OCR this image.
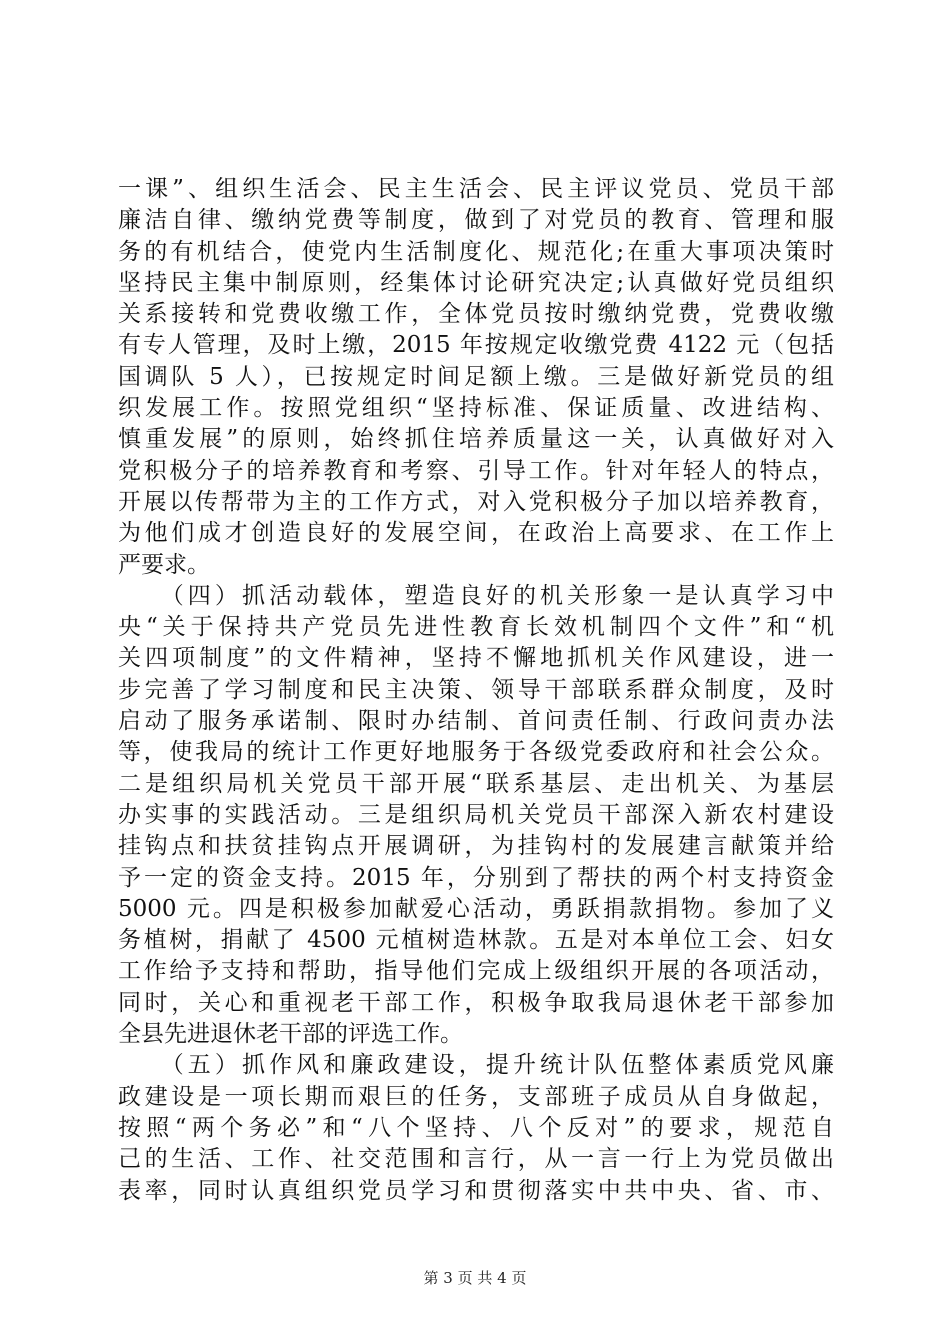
一课”、组织生活会、民主生活会、民主评议党员、党员干部
廉洁自律、缴纳党费等制度，做到了对党员的教育、管理和服
务的有机结合，使党内生活制度化、规范化;在重大事项决策时
坚持民主集中制原则，经集体讨论研究决定;认真做好党员组织
关系接转和党费收缴工作，全体党员按时缴纳党费，党费收缴
有专人管理，及时上缴，2015 年按规定收缴党费 4122 元（包括
国调队 5 人），已按规定时间足额上缴。三是做好新党员的组
织发展工作。按照党组织“坚持标准、保证质量、改进结构、
慎重发展”的原则，始终抓住培养质量这一关，认真做好对入
党积极分子的培养教育和考察、引导工作。针对年轻人的特点，
开展以传帮带为主的工作方式，对入党积极分子加以培养教育，
为他们成才创造良好的发展空间，在政治上高要求、在工作上
严要求。
　　（四）抓活动载体，塑造良好的机关形象一是认真学习中
央“关于保持共产党员先进性教育长效机制四个文件”和“机
关四项制度”的文件精神，坚持不懈地抓机关作风建设，进一
步完善了学习制度和民主决策、领导干部联系群众制度，及时
启动了服务承诺制、限时办结制、首问责任制、行政问责办法
等，使我局的统计工作更好地服务于各级党委政府和社会公众。
二是组织局机关党员干部开展“联系基层、走出机关、为基层
办实事的实践活动。三是组织局机关党员干部深入新农村建设
挂钩点和扶贫挂钩点开展调研，为挂钩村的发展建言献策并给
予一定的资金支持。2015 年，分别到了帮扶的两个村支持资金
5000 元。四是积极参加献爱心活动，勇跃捐款捐物。参加了义
务植树，捐献了 4500 元植树造林款。五是对本单位工会、妇女
工作给予支持和帮助，指导他们完成上级组织开展的各项活动，
同时，关心和重视老干部工作，积极争取我局退休老干部参加
全县先进退休老干部的评选工作。
　　（五）抓作风和廉政建设，提升统计队伍整体素质党风廉
政建设是一项长期而艰巨的任务，支部班子成员从自身做起，
按照“两个务必”和“八个坚持、八个反对”的要求，规范自
己的生活、工作、社交范围和言行，从一言一行上为党员做出
表率，同时认真组织党员学习和贯彻落实中共中央、省、市、
第 3 页 共 4 页
